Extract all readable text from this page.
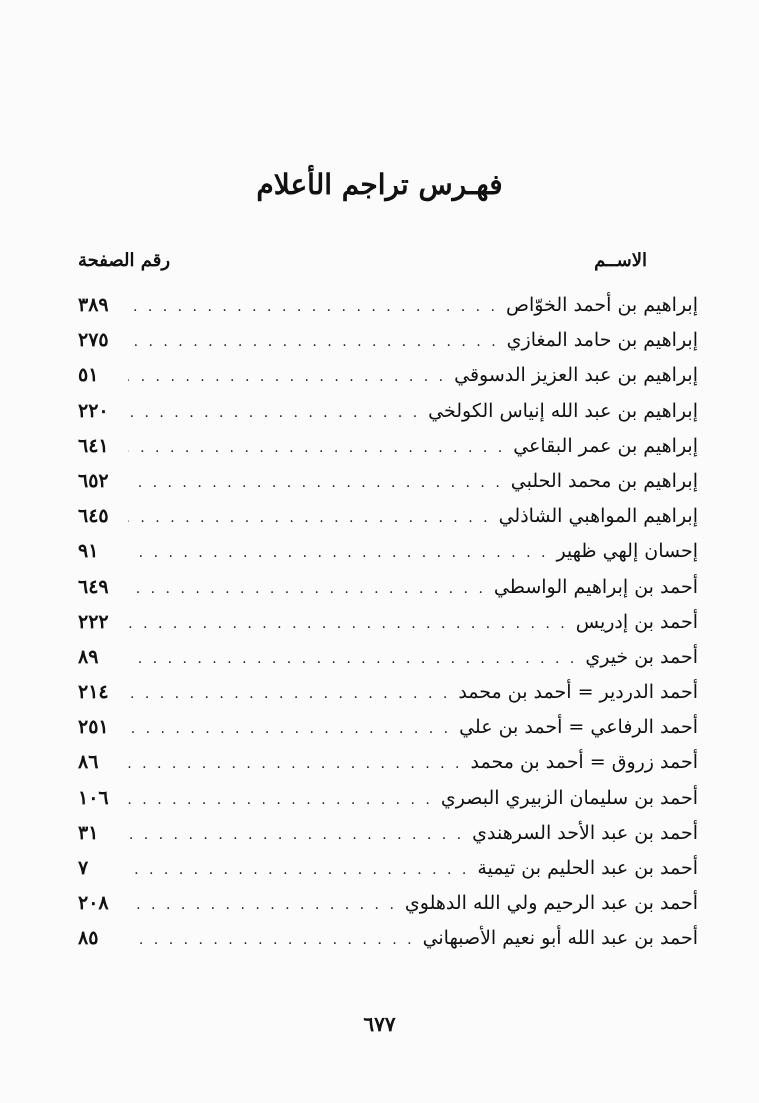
فهـرس تراجم الأعلام
الاســم
رقم الصفحة
إبراهيم بن أحمد الخوّاص
. . .
٣٨٩
إبراهيم بن حامد المغازي
. . .
٢٧٥
إبراهيم بن عبد العزيز الدسوقي
. . .
٥١
إبراهيم بن عبد الله إنياس الكولخي
. . .
٢٢٠
إبراهيم بن عمر البقاعي
. . .
٦٤١
إبراهيم بن محمد الحلبي
. . .
٦٥٢
إبراهيم المواهبي الشاذلي
. . .
٦٤٥
إحسان إلهي ظهير
. . .
٩١
أحمد بن إبراهيم الواسطي
. . .
٦٤٩
أحمد بن إدريس
. . .
٢٢٢
أحمد بن خيري
. . .
٨٩
أحمد الدردير = أحمد بن محمد
. . .
٢١٤
أحمد الرفاعي = أحمد بن علي
. . .
٢٥١
أحمد زروق = أحمد بن محمد
. . .
٨٦
أحمد بن سليمان الزبيري البصري
. . .
١٠٦
أحمد بن عبد الأحد السرهندي
. . .
٣١
أحمد بن عبد الحليم بن تيمية
. . .
٧
أحمد بن عبد الرحيم ولي الله الدهلوي
. . .
٢٠٨
أحمد بن عبد الله أبو نعيم الأصبهاني
. . .
٨٥
٦٧٧
